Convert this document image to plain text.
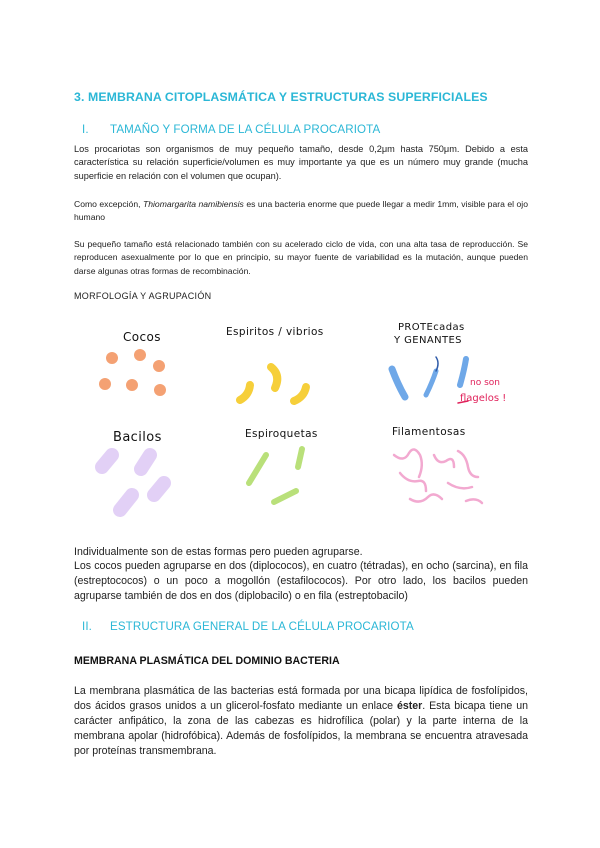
3. MEMBRANA CITOPLASMÁTICA Y ESTRUCTURAS SUPERFICIALES
I. TAMAÑO Y FORMA DE LA CÉLULA PROCARIOTA
Los procariotas son organismos de muy pequeño tamaño, desde 0,2μm hasta 750μm. Debido a esta característica su relación superficie/volumen es muy importante ya que es un número muy grande (mucha superficie en relación con el volumen que ocupan).
Como excepción, Thiomargarita namibiensis es una bacteria enorme que puede llegar a medir 1mm, visible para el ojo humano
Su pequeño tamaño está relacionado también con su acelerado ciclo de vida, con una alta tasa de reproducción. Se reproducen asexualmente por lo que en principio, su mayor fuente de variabilidad es la mutación, aunque pueden darse algunas otras formas de recombinación.
MORFOLOGÍA Y AGRUPACIÓN
Cocos	Espiritos / vibrios	PROTEcadas
Y GENANTES
Bacilos	Espiroquetas	Filamentosas
no son
flagelos !
Individualmente son de estas formas pero pueden agruparse.
Los cocos pueden agruparse en dos (diplococos), en cuatro (tétradas), en ocho (sarcina), en fila (estreptococos) o un poco a mogollón (estafilococos). Por otro lado, los bacilos pueden agruparse también de dos en dos (diplobacilo) o en fila (estreptobacilo)
II. ESTRUCTURA GENERAL DE LA CÉLULA PROCARIOTA
MEMBRANA PLASMÁTICA DEL DOMINIO BACTERIA
La membrana plasmática de las bacterias está formada por una bicapa lipídica de fosfolípidos, dos ácidos grasos unidos a un glicerol-fosfato mediante un enlace éster. Esta bicapa tiene un carácter anfipático, la zona de las cabezas es hidrofílica (polar) y la parte interna de la membrana apolar (hidrofóbica). Además de fosfolípidos, la membrana se encuentra atravesada por proteínas transmembrana.
